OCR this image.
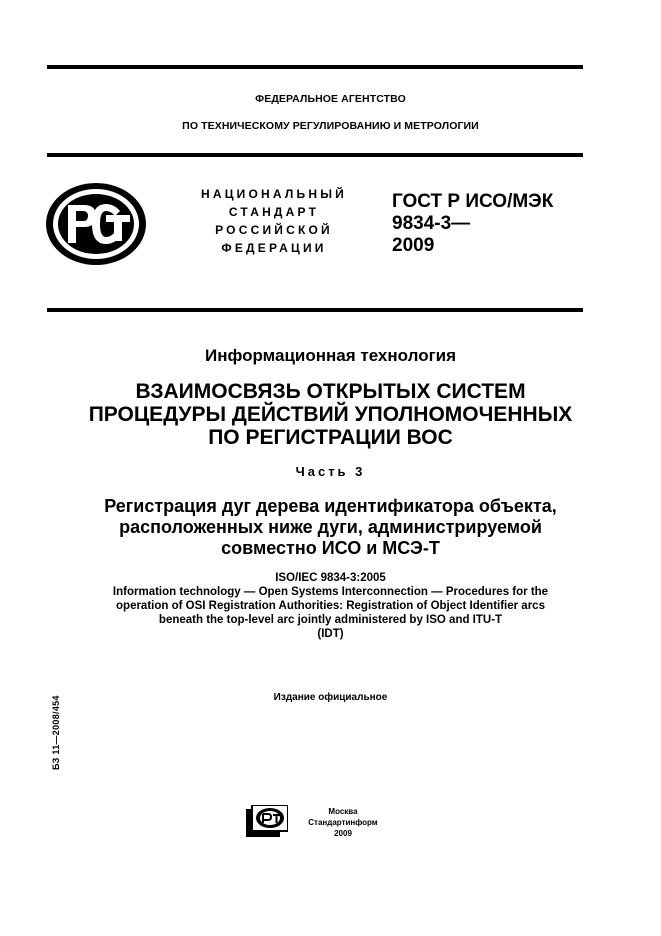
ФЕДЕРАЛЬНОЕ АГЕНТСТВО
ПО ТЕХНИЧЕСКОМУ РЕГУЛИРОВАНИЮ И МЕТРОЛОГИИ
НАЦИОНАЛЬНЫЙ
СТАНДАРТ
РОССИЙСКОЙ
ФЕДЕРАЦИИ
ГОСТ Р ИСО/МЭК
9834-3—
2009
Информационная технология
ВЗАИМОСВЯЗЬ ОТКРЫТЫХ СИСТЕМ
ПРОЦЕДУРЫ ДЕЙСТВИЙ УПОЛНОМОЧЕННЫХ
ПО РЕГИСТРАЦИИ ВОС
Часть 3
Регистрация дуг дерева идентификатора объекта,
расположенных ниже дуги, администрируемой
совместно ИСО и МСЭ-Т
ISO/IEC 9834-3:2005
Information technology — Open Systems Interconnection — Procedures for the
operation of OSI Registration Authorities: Registration of Object Identifier arcs
beneath the top-level arc jointly administered by ISO and ITU-T
(IDT)
Издание официальное
БЗ 11—2008/454
Москва
Стандартинформ
2009
